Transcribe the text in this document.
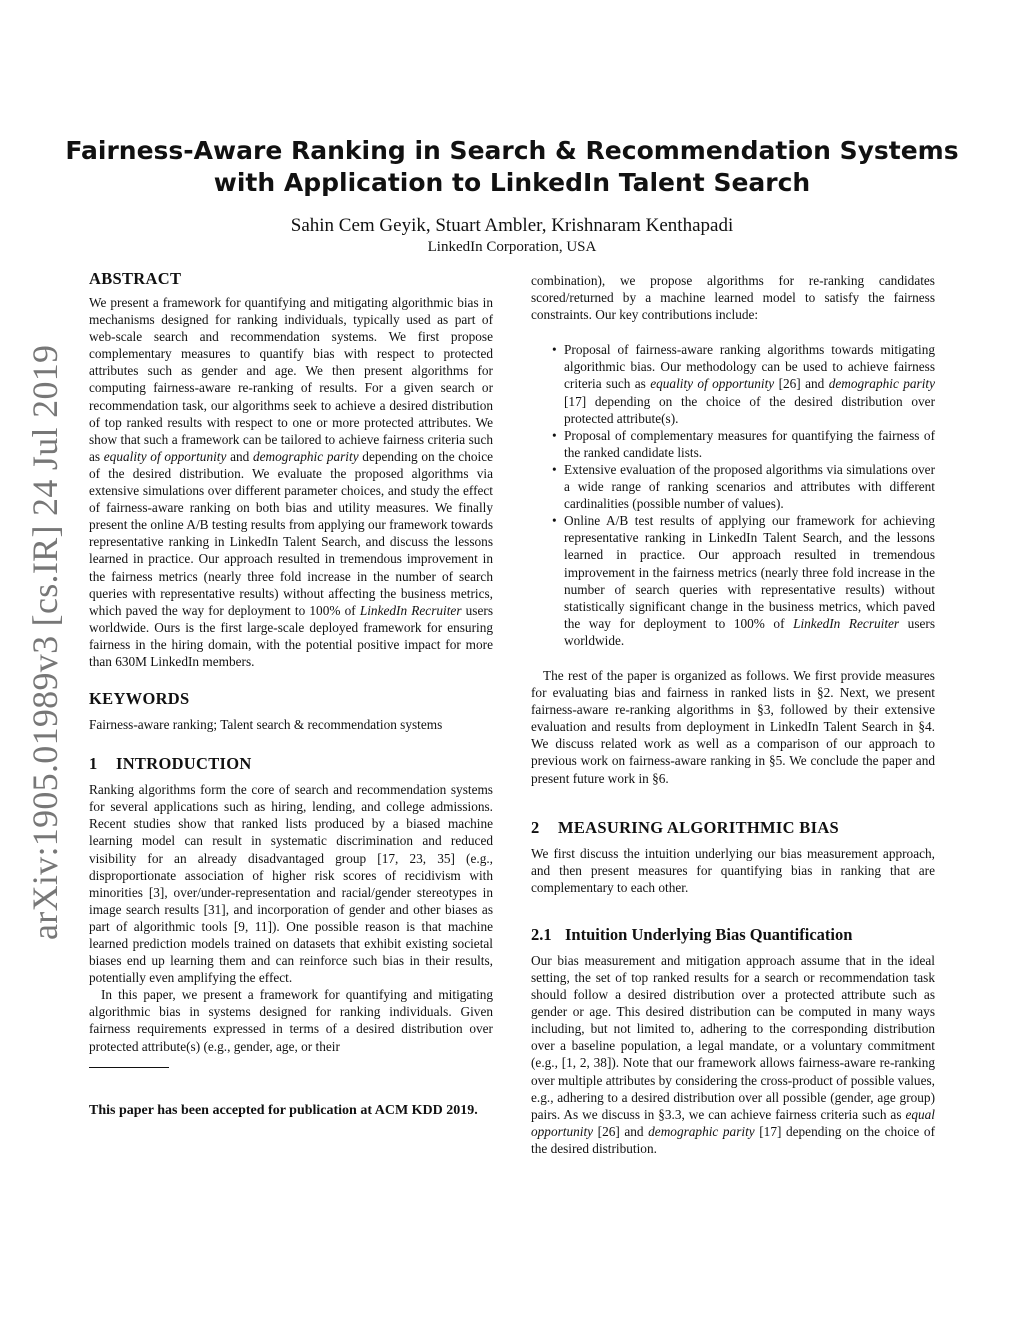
arXiv:1905.01989v3 [cs.IR] 24 Jul 2019
Fairness-Aware Ranking in Search & Recommendation Systems
with Application to LinkedIn Talent Search
Sahin Cem Geyik, Stuart Ambler, Krishnaram Kenthapadi
LinkedIn Corporation, USA
ABSTRACT

We present a framework for quantifying and mitigating algorithmic bias in mechanisms designed for ranking individuals, typically used as part of web-scale search and recommendation systems. We first propose complementary measures to quantify bias with respect to protected attributes such as gender and age. We then present algorithms for computing fairness-aware re-ranking of results. For a given search or recommendation task, our algorithms seek to achieve a desired distribution of top ranked results with respect to one or more protected attributes. We show that such a framework can be tailored to achieve fairness criteria such as equality of opportunity and demographic parity depending on the choice of the desired distribution. We evaluate the proposed algorithms via extensive simulations over different parameter choices, and study the effect of fairness-aware ranking on both bias and utility measures. We finally present the online A/B testing results from applying our framework towards representative ranking in LinkedIn Talent Search, and discuss the lessons learned in practice. Our approach resulted in tremendous improvement in the fairness metrics (nearly three fold increase in the number of search queries with representative results) without affecting the business metrics, which paved the way for deployment to 100% of LinkedIn Recruiter users worldwide. Ours is the first large-scale deployed framework for ensuring fairness in the hiring domain, with the potential positive impact for more than 630M LinkedIn members.

KEYWORDS

Fairness-aware ranking; Talent search & recommendation systems

1 INTRODUCTION

Ranking algorithms form the core of search and recommendation systems for several applications such as hiring, lending, and college admissions. Recent studies show that ranked lists produced by a biased machine learning model can result in systematic discrimination and reduced visibility for an already disadvantaged group [17, 23, 35] (e.g., disproportionate association of higher risk scores of recidivism with minorities [3], over/under-representation and racial/gender stereotypes in image search results [31], and incorporation of gender and other biases as part of algorithmic tools [9, 11]). One possible reason is that machine learned prediction models trained on datasets that exhibit existing societal biases end up learning them and can reinforce such bias in their results, potentially even amplifying the effect.

In this paper, we present a framework for quantifying and mitigating algorithmic bias in systems designed for ranking individuals. Given fairness requirements expressed in terms of a desired distribution over protected attribute(s) (e.g., gender, age, or their

This paper has been accepted for publication at ACM KDD 2019.

combination), we propose algorithms for re-ranking candidates scored/returned by a machine learned model to satisfy the fairness constraints. Our key contributions include:

• Proposal of fairness-aware ranking algorithms towards mitigating algorithmic bias. Our methodology can be used to achieve fairness criteria such as equality of opportunity [26] and demographic parity [17] depending on the choice of the desired distribution over protected attribute(s).
• Proposal of complementary measures for quantifying the fairness of the ranked candidate lists.
• Extensive evaluation of the proposed algorithms via simulations over a wide range of ranking scenarios and attributes with different cardinalities (possible number of values).
• Online A/B test results of applying our framework for achieving representative ranking in LinkedIn Talent Search, and the lessons learned in practice. Our approach resulted in tremendous improvement in the fairness metrics (nearly three fold increase in the number of search queries with representative results) without statistically significant change in the business metrics, which paved the way for deployment to 100% of LinkedIn Recruiter users worldwide.

The rest of the paper is organized as follows. We first provide measures for evaluating bias and fairness in ranked lists in §2. Next, we present fairness-aware re-ranking algorithms in §3, followed by their extensive evaluation and results from deployment in LinkedIn Talent Search in §4. We discuss related work as well as a comparison of our approach to previous work on fairness-aware ranking in §5. We conclude the paper and present future work in §6.

2 MEASURING ALGORITHMIC BIAS

We first discuss the intuition underlying our bias measurement approach, and then present measures for quantifying bias in ranking that are complementary to each other.

2.1 Intuition Underlying Bias Quantification

Our bias measurement and mitigation approach assume that in the ideal setting, the set of top ranked results for a search or recommendation task should follow a desired distribution over a protected attribute such as gender or age. This desired distribution can be computed in many ways including, but not limited to, adhering to the corresponding distribution over a baseline population, a legal mandate, or a voluntary commitment (e.g., [1, 2, 38]). Note that our framework allows fairness-aware re-ranking over multiple attributes by considering the cross-product of possible values, e.g., adhering to a desired distribution over all possible (gender, age group) pairs. As we discuss in §3.3, we can achieve fairness criteria such as equal opportunity [26] and demographic parity [17] depending on the choice of the desired distribution.
